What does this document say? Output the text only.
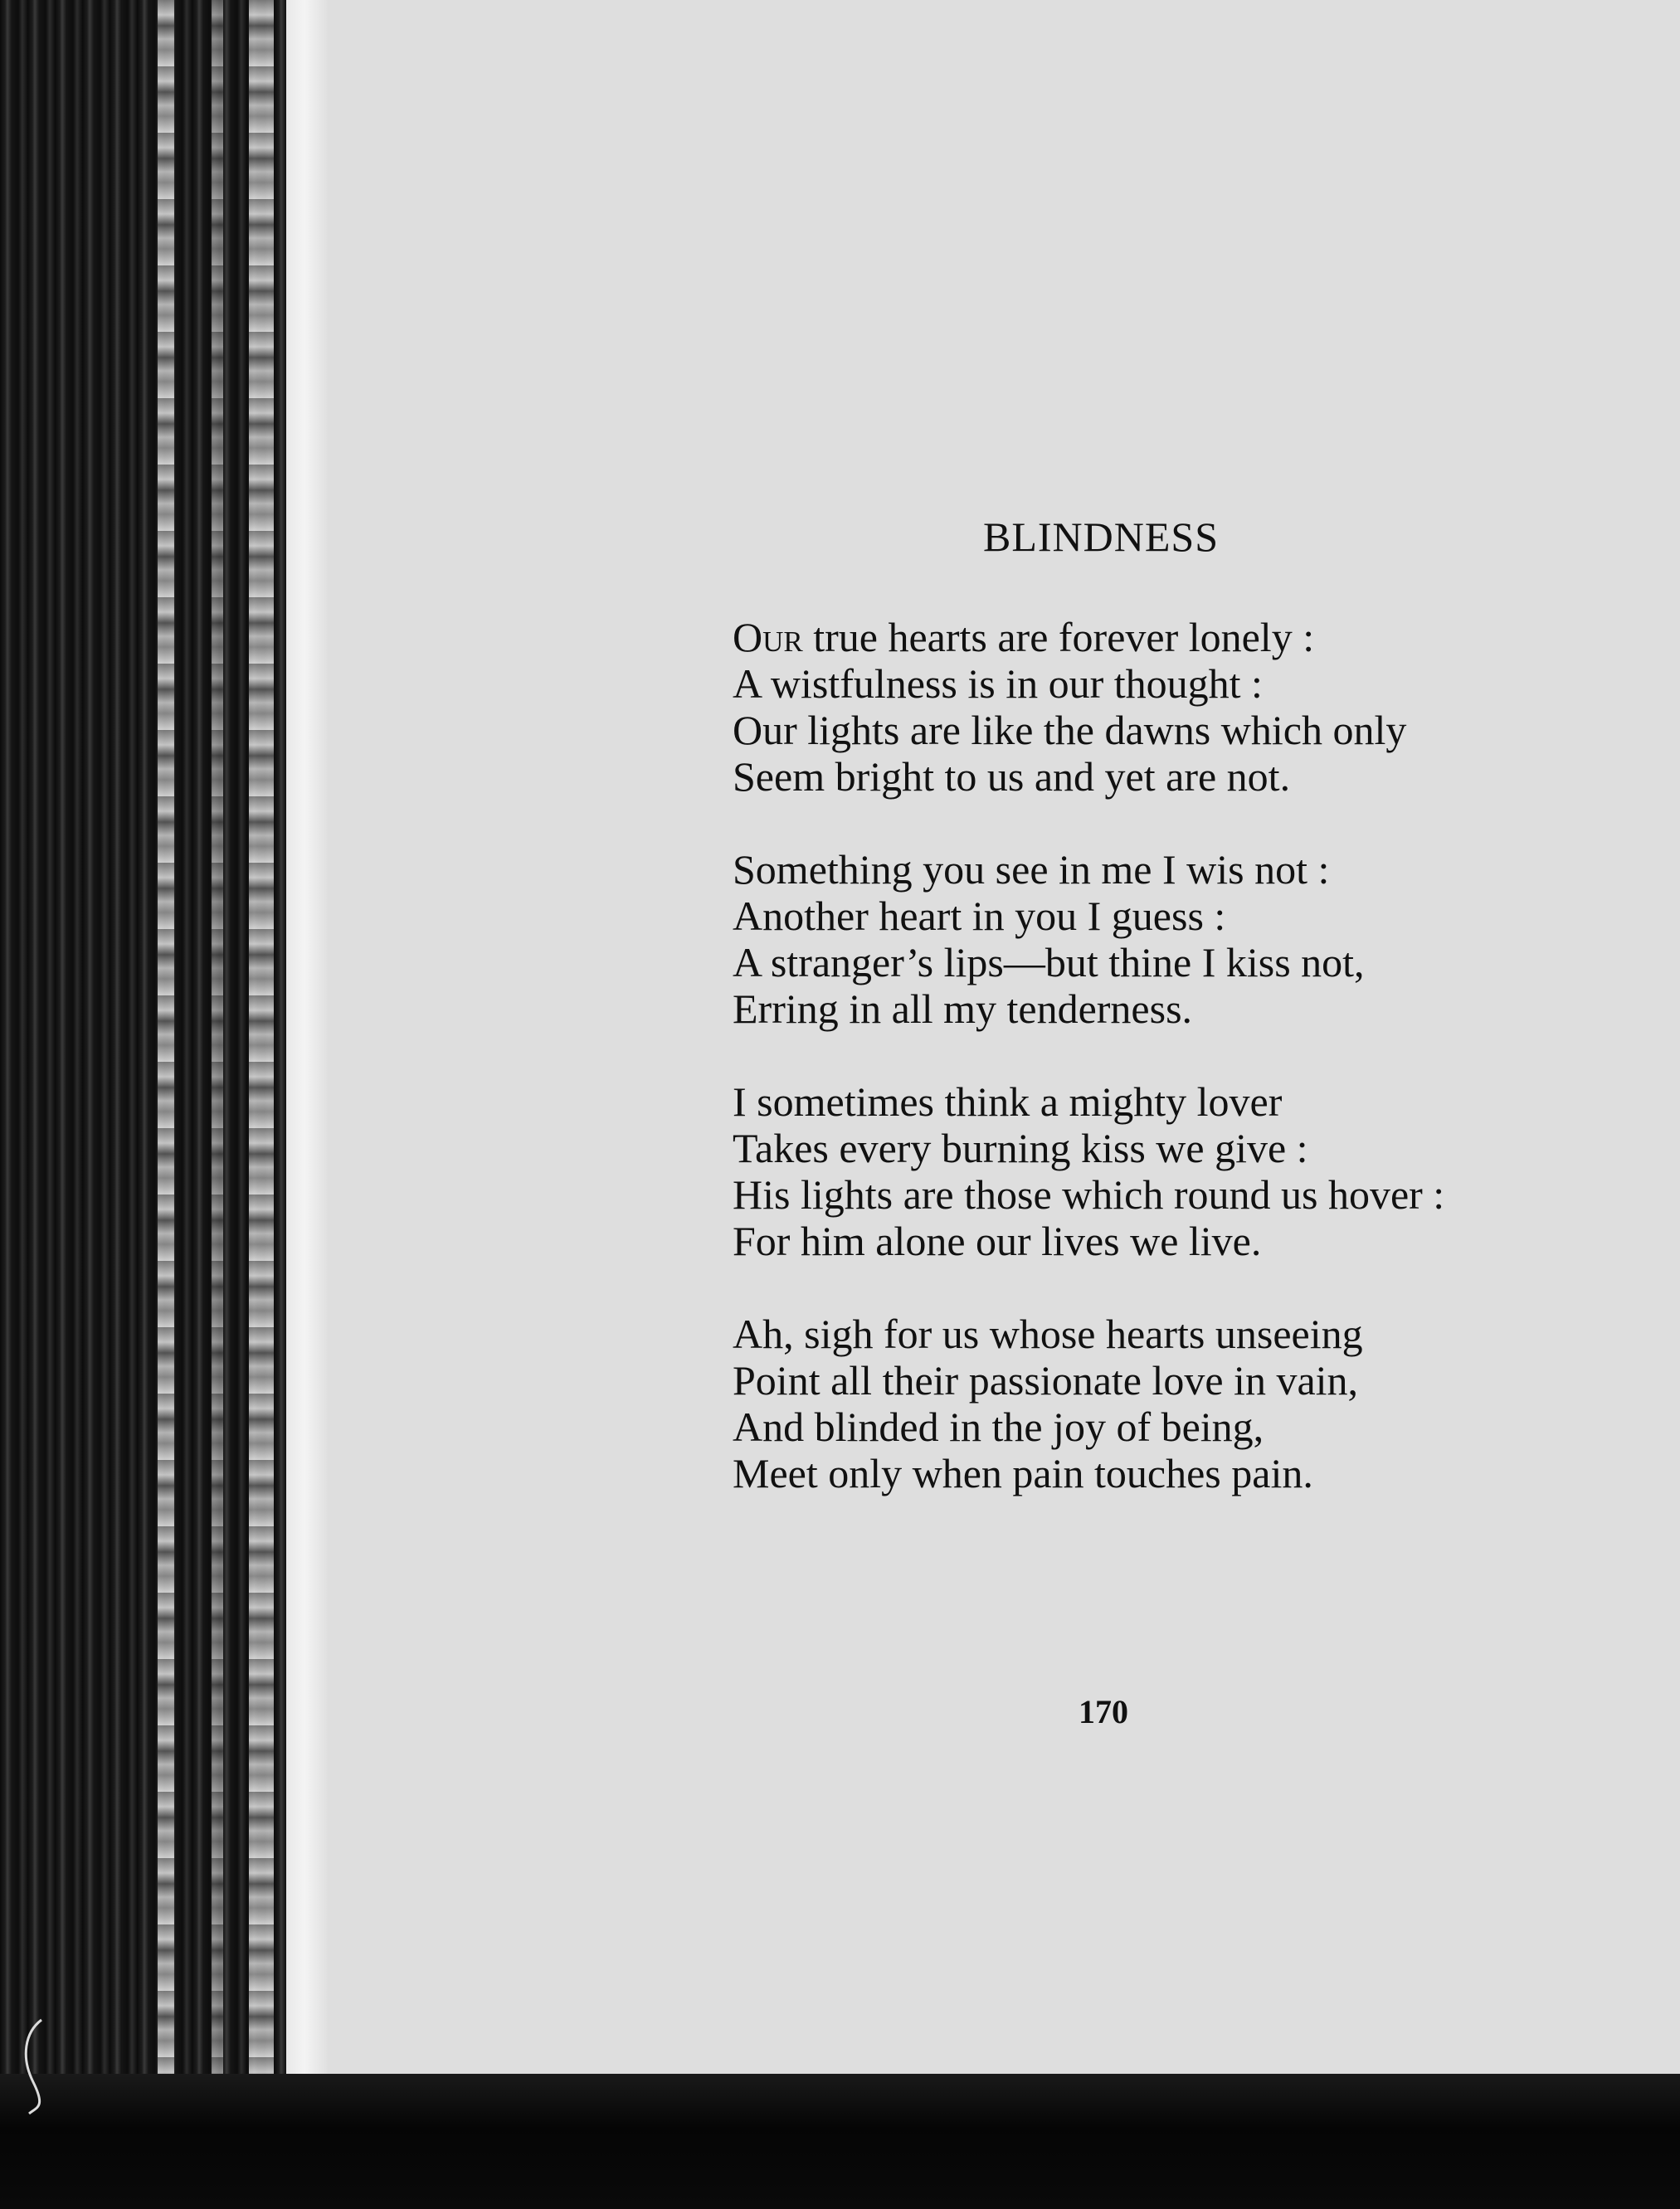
BLINDNESS
Our true hearts are forever lonely :
A wistfulness is in our thought :
Our lights are like the dawns which only
Seem bright to us and yet are not.
Something you see in me I wis not :
Another heart in you I guess :
A stranger’s lips—but thine I kiss not,
Erring in all my tenderness.
I sometimes think a mighty lover
Takes every burning kiss we give :
His lights are those which round us hover :
For him alone our lives we live.
Ah, sigh for us whose hearts unseeing
Point all their passionate love in vain,
And blinded in the joy of being,
Meet only when pain touches pain.
170
